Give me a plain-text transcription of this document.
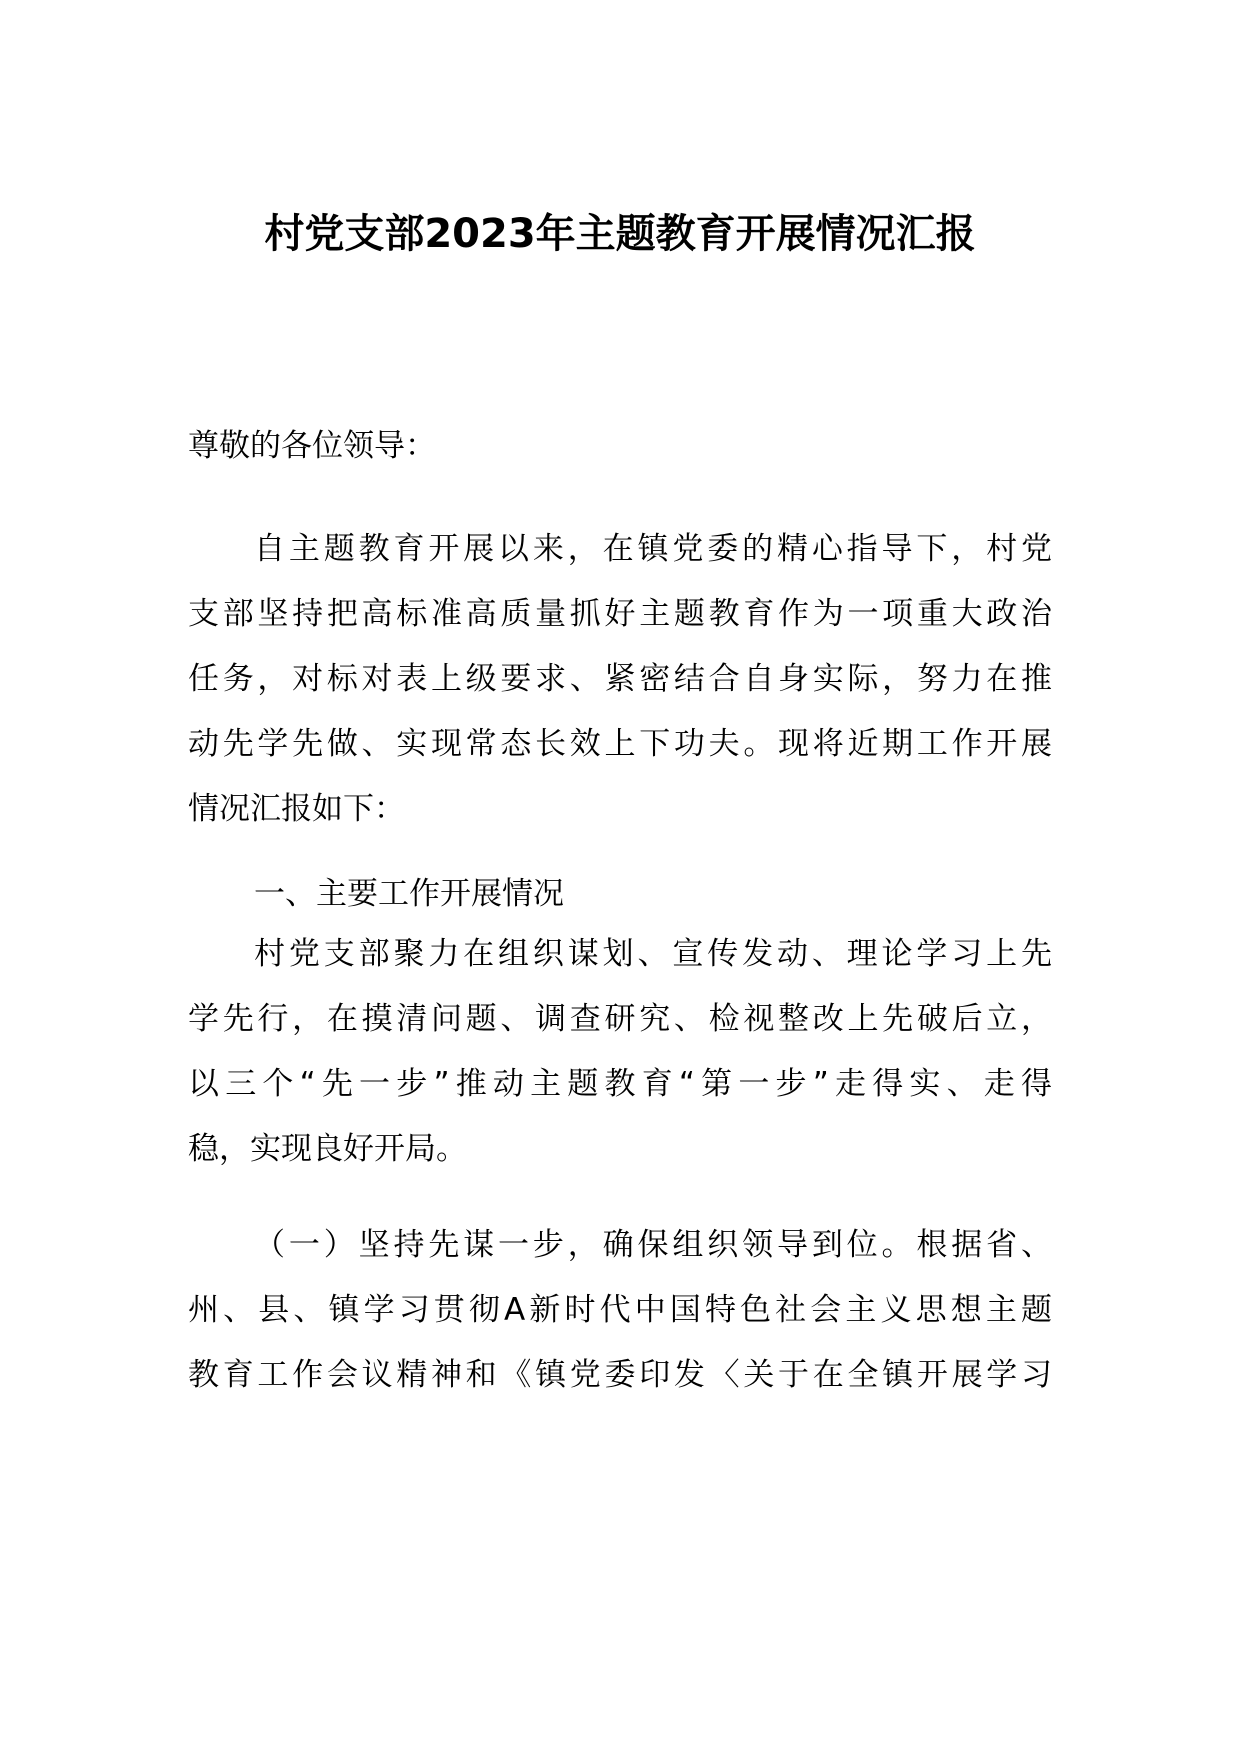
村党支部2023年主题教育开展情况汇报
尊敬的各位领导：
自主题教育开展以来，在镇党委的精心指导下，村党
支部坚持把高标准高质量抓好主题教育作为一项重大政治
任务，对标对表上级要求、紧密结合自身实际，努力在推
动先学先做、实现常态长效上下功夫。现将近期工作开展
情况汇报如下：
一、主要工作开展情况
村党支部聚力在组织谋划、宣传发动、理论学习上先
学先行，在摸清问题、调查研究、检视整改上先破后立，
以三个“先一步”推动主题教育“第一步”走得实、走得
稳，实现良好开局。
（一）坚持先谋一步，确保组织领导到位。根据省、
州、县、镇学习贯彻A新时代中国特色社会主义思想主题
教育工作会议精神和《镇党委印发〈关于在全镇开展学习
